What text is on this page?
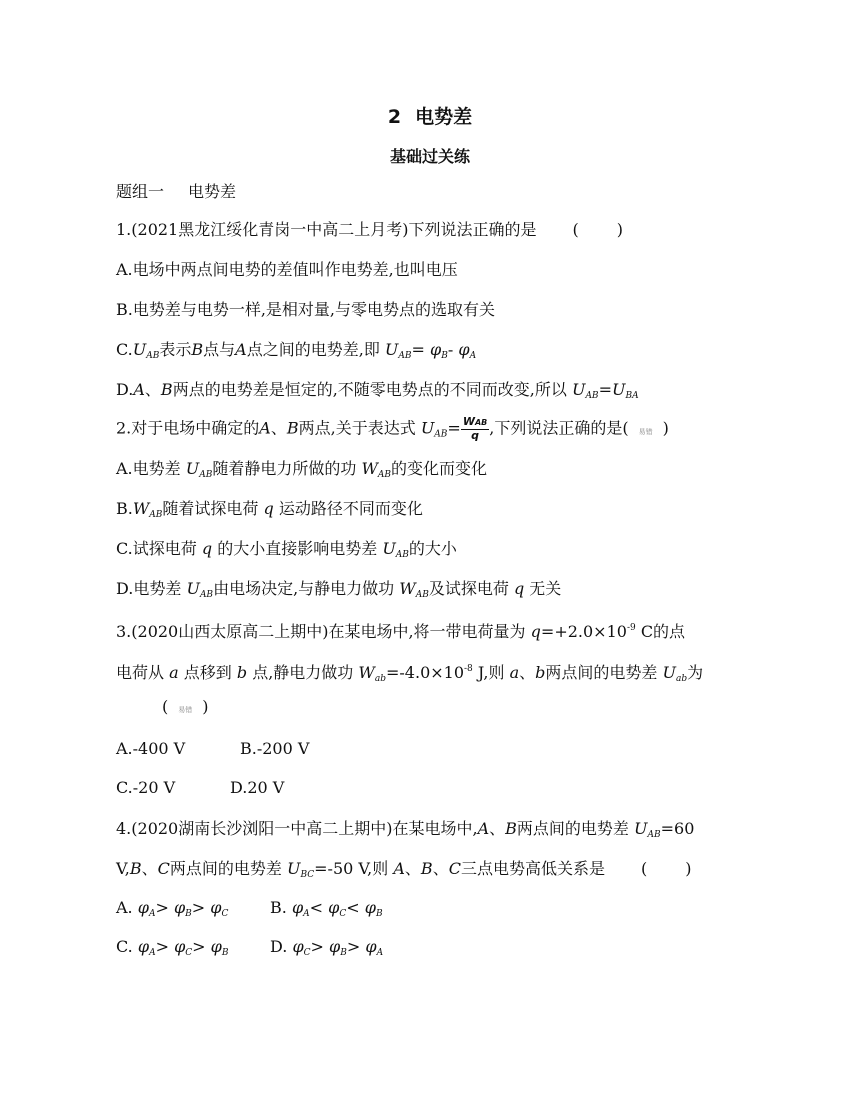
2 电势差
基础过关练
题组一 电势差
1.(2021黑龙江绥化青岗一中高二上月考)下列说法正确的是 ( )
A.电场中两点间电势的差值叫作电势差,也叫电压
B.电势差与电势一样,是相对量,与零电势点的选取有关
$C.U_{AB}$表示B点与A点之间的电势差,即 $U_{AB}= \varphi_B-$ $\varphi_A$
D.A、B两点的电势差是恒定的,不随零电势点的不同而改变,所以 $U_{AB}=U_{BA}$
2.对于电场中确定的A、B两点,关于表达式 $U_{AB}= \frac{\text{WAB}}{q}$ ,下列说法正确的是( 易错 )
A.电势差 $U_{AB}$随着静电力所做的功 $W_{AB}$的变化而变化
$B.W_{AB}$随着试探电荷 q 运动路径不同而变化
C.试探电荷 q 的大小直接影响电势差 $U_{AB}$的大小
D.电势差 $U_{AB}$由电场决定,与静电力做功 $W_{AB}$及试探电荷 q 无关
3.(2020山西太原高二上期中)在某电场中,将一带电荷量为 $q=+2.0\times 10^{-9}$ C的点
电荷从 a 点移到 b 点,静电力做功 $W_{ab}=-4.0\times 10^{-8}$ J,则 a、b两点间的电势差 $U_{ab}$为
( 易错 )
A.-400 V	B.-200 V
C.-20 V	D.20 V
4.(2020湖南长沙浏阳一中高二上期中)在某电场中,A、B两点间的电势差 $U_{AB}=60$
V,B、C两点间的电势差 $U_{BC}=-50$ V,则 A、B、C三点电势高低关系是 ( )
A. $\varphi_A> \varphi_B> \varphi_C$	B. $\varphi_A< \varphi_C< \varphi_B$
C. $\varphi_A> \varphi_C> \varphi_B$	D. $\varphi_C> \varphi_B> \varphi_A$
